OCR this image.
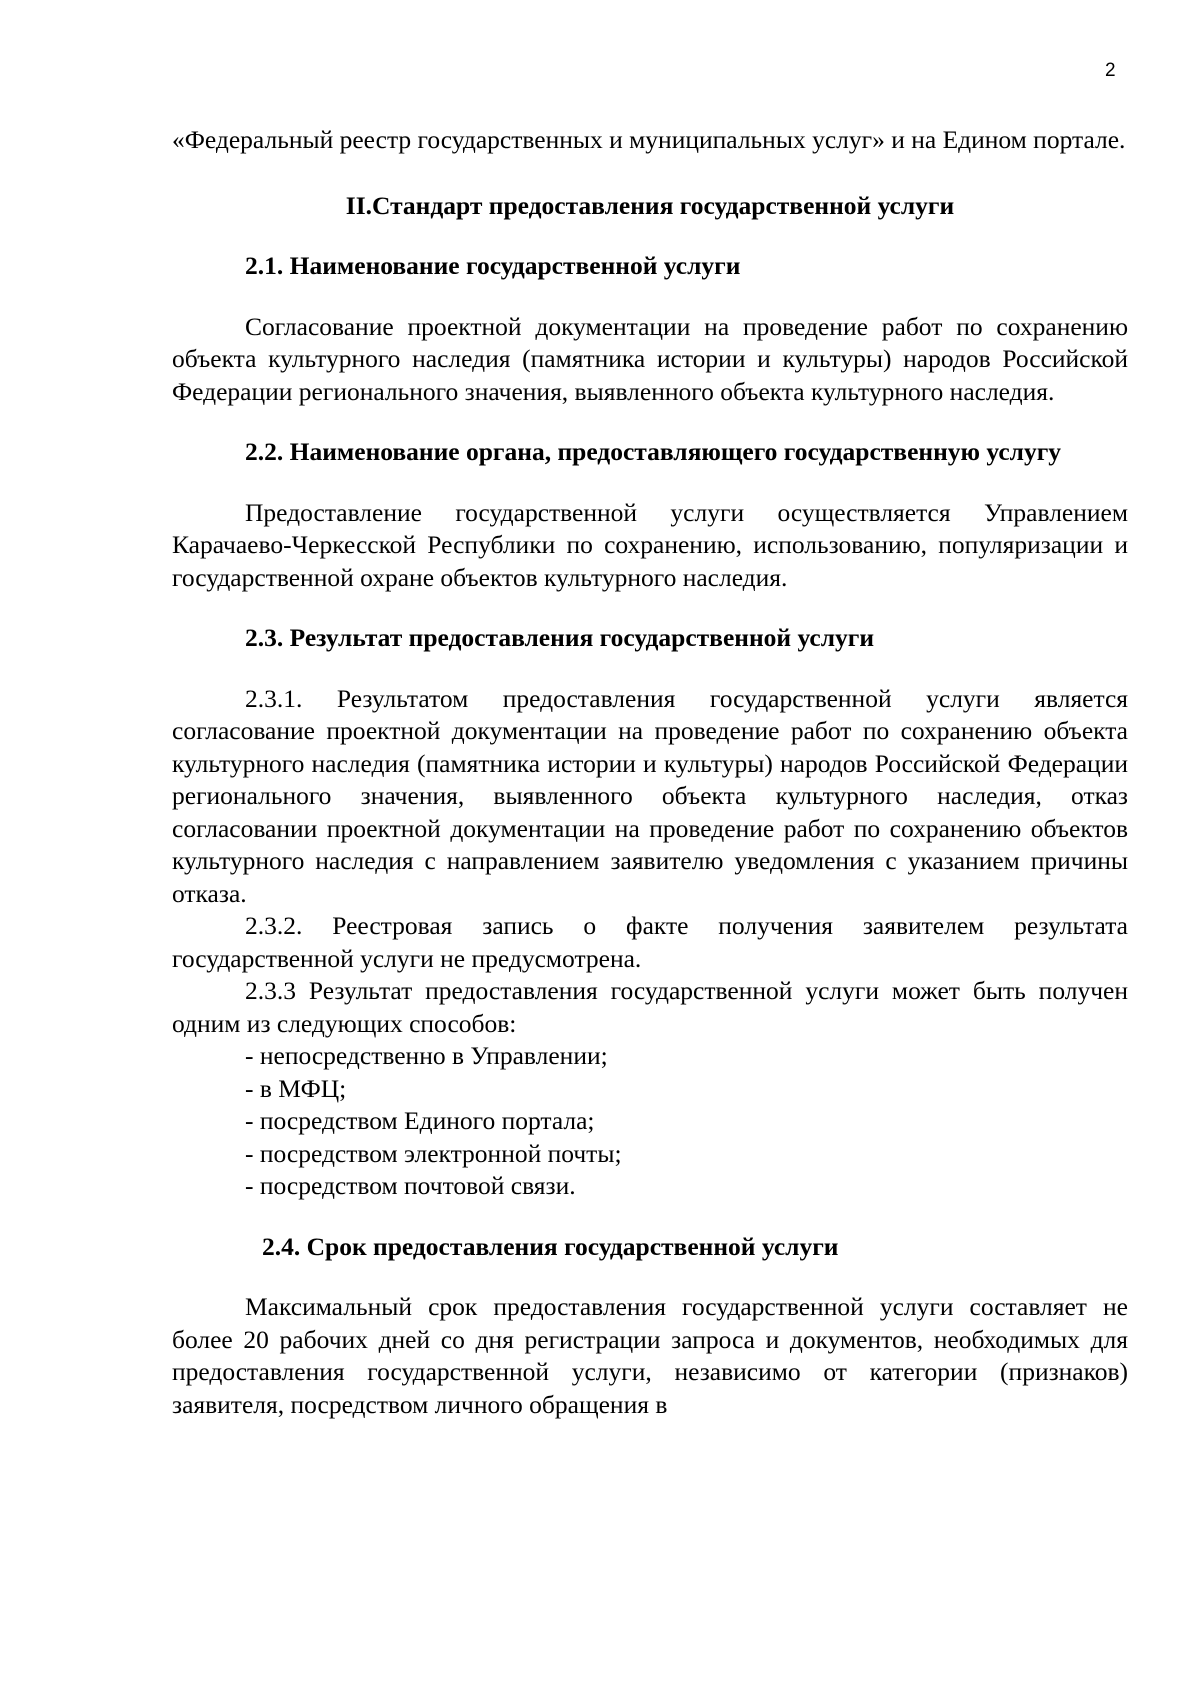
2

«Федеральный реестр государственных и муниципальных услуг» и на Едином портале.

II.Стандарт предоставления государственной услуги

2.1. Наименование государственной услуги

Согласование проектной документации на проведение работ по сохранению объекта культурного наследия (памятника истории и культуры) народов Российской Федерации регионального значения, выявленного объекта культурного наследия.

2.2. Наименование органа, предоставляющего государственную услугу

Предоставление государственной услуги осуществляется Управлением Карачаево-Черкесской Республики по сохранению, использованию, популяризации и государственной охране объектов культурного наследия.

2.3. Результат предоставления государственной услуги

2.3.1. Результатом предоставления государственной услуги является согласование проектной документации на проведение работ по сохранению объекта культурного наследия (памятника истории и культуры) народов Российской Федерации регионального значения, выявленного объекта культурного наследия, отказ согласовании проектной документации на проведение работ по сохранению объектов культурного наследия с направлением заявителю уведомления с указанием причины отказа.

2.3.2. Реестровая запись о факте получения заявителем результата государственной услуги не предусмотрена.

2.3.3 Результат предоставления государственной услуги может быть получен одним из следующих способов:

- непосредственно в Управлении;

- в МФЦ;

- посредством Единого портала;

- посредством электронной почты;

- посредством почтовой связи.

2.4. Срок предоставления государственной услуги

Максимальный срок предоставления государственной услуги составляет не более 20 рабочих дней со дня регистрации запроса и документов, необходимых для предоставления государственной услуги, независимо от категории (признаков) заявителя, посредством личного обращения в
